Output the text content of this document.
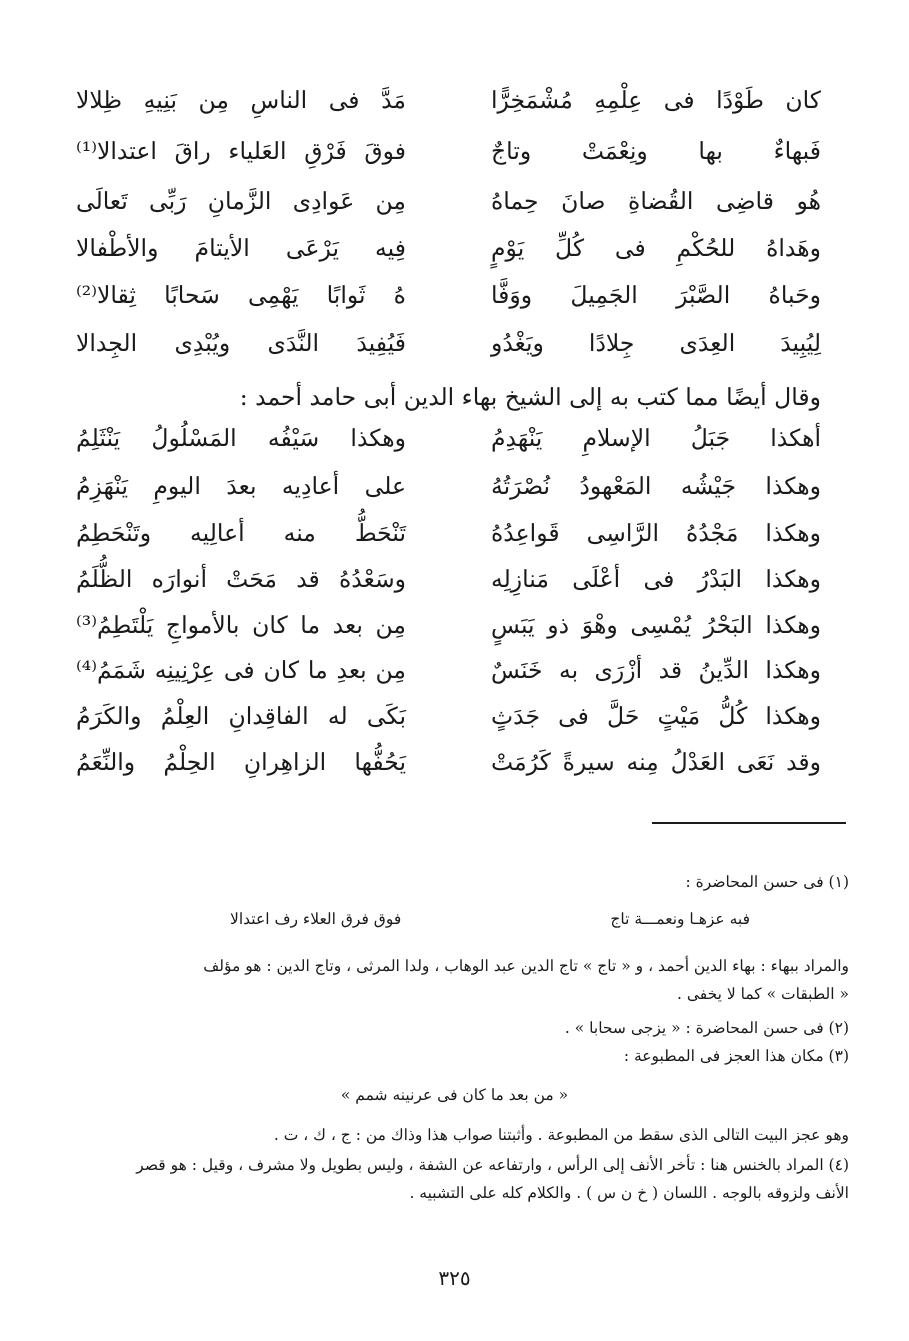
كان طَوْدًا فى عِلْمِهِ مُشْمَخِرًّا
مَدَّ فى الناسِ مِن بَنِيهِ ظِلالا
فَبهاءٌ بها ونِعْمَتْ وتاجٌ
فوقَ فَرْقِ العَلياء راقَ اعتدالا⁽¹⁾
هُو قاضِى القُضاةِ صانَ حِماهُ
مِن عَوادِى الزَّمانِ رَبِّى تَعالَى
وهَداهُ للحُكْمِ فى كُلِّ يَوْمٍ
فِيه يَرْعَى الأيتامَ والأطْفالا
وحَباهُ الصَّبْرَ الجَمِيلَ ووَفَّا
هُ ثَوابًا يَهْمِى سَحابًا ثِقالا⁽²⁾
لِيُبِيدَ العِدَى جِلادًا ويَغْدُو
فَيُفِيدَ النَّدَى ويُبْدِى الجِدالا
وقال أيضًا مما كتب به إلى الشيخ بهاء الدين أبى حامد أحمد :
أهكذا جَبَلُ الإسلامِ يَنْهَدِمُ
وهكذا سَيْفُه المَسْلُولُ يَنْثَلِمُ
وهكذا جَيْشُه المَعْهودُ نُصْرَتُهُ
على أعادِيه بعدَ اليومِ يَنْهَزِمُ
وهكذا مَجْدُهُ الرَّاسِى قَواعِدُهُ
تَنْحَطُّ منه أعالِيه وتَنْحَطِمُ
وهكذا البَدْرُ فى أعْلَى مَنازِلِه
وسَعْدُهُ قد مَحَتْ أنوارَه الظُّلَمُ
وهكذا البَحْرُ يُمْسِى وهْوَ ذو يَبَسٍ
مِن بعد ما كان بالأمواجِ يَلْتَطِمُ⁽³⁾
وهكذا الدِّينُ قد أزْرَى به خَنَسٌ
مِن بعدِ ما كان فى عِرْنِينِه شَمَمُ⁽⁴⁾
وهكذا كُلُّ مَيْتٍ حَلَّ فى جَدَثٍ
بَكَى له الفاقِدانِ العِلْمُ والكَرَمُ
وقد نَعَى العَدْلُ مِنه سيرةً كَرُمَتْ
يَحُفُّها الزاهِرانِ الحِلْمُ والنِّعَمُ
(١) فى حسن المحاضرة :
فبه عزهـا ونعمـــة تاج
فوق فرق العلاء رف اعتدالا
والمراد ببهاء : بهاء الدين أحمد ، و « تاج » تاج الدين عبد الوهاب ، ولدا المرثى ، وتاج الدين : هو مؤلف
« الطبقات » كما لا يخفى .
(٢) فى حسن المحاضرة : « يزجى سحابا » .
(٣) مكان هذا العجز فى المطبوعة :
« من بعد ما كان فى عرنينه شمم »
وهو عجز البيت التالى الذى سقط من المطبوعة . وأثبتنا صواب هذا وذاك من : ج ، ك ، ت .
(٤) المراد بالخنس هنا : تأخر الأنف إلى الرأس ، وارتفاعه عن الشفة ، وليس بطويل ولا مشرف ، وقيل : هو قصر
الأنف ولزوقه بالوجه . اللسان ( خ ن س ) . والكلام كله على التشبيه .
٣٢٥
